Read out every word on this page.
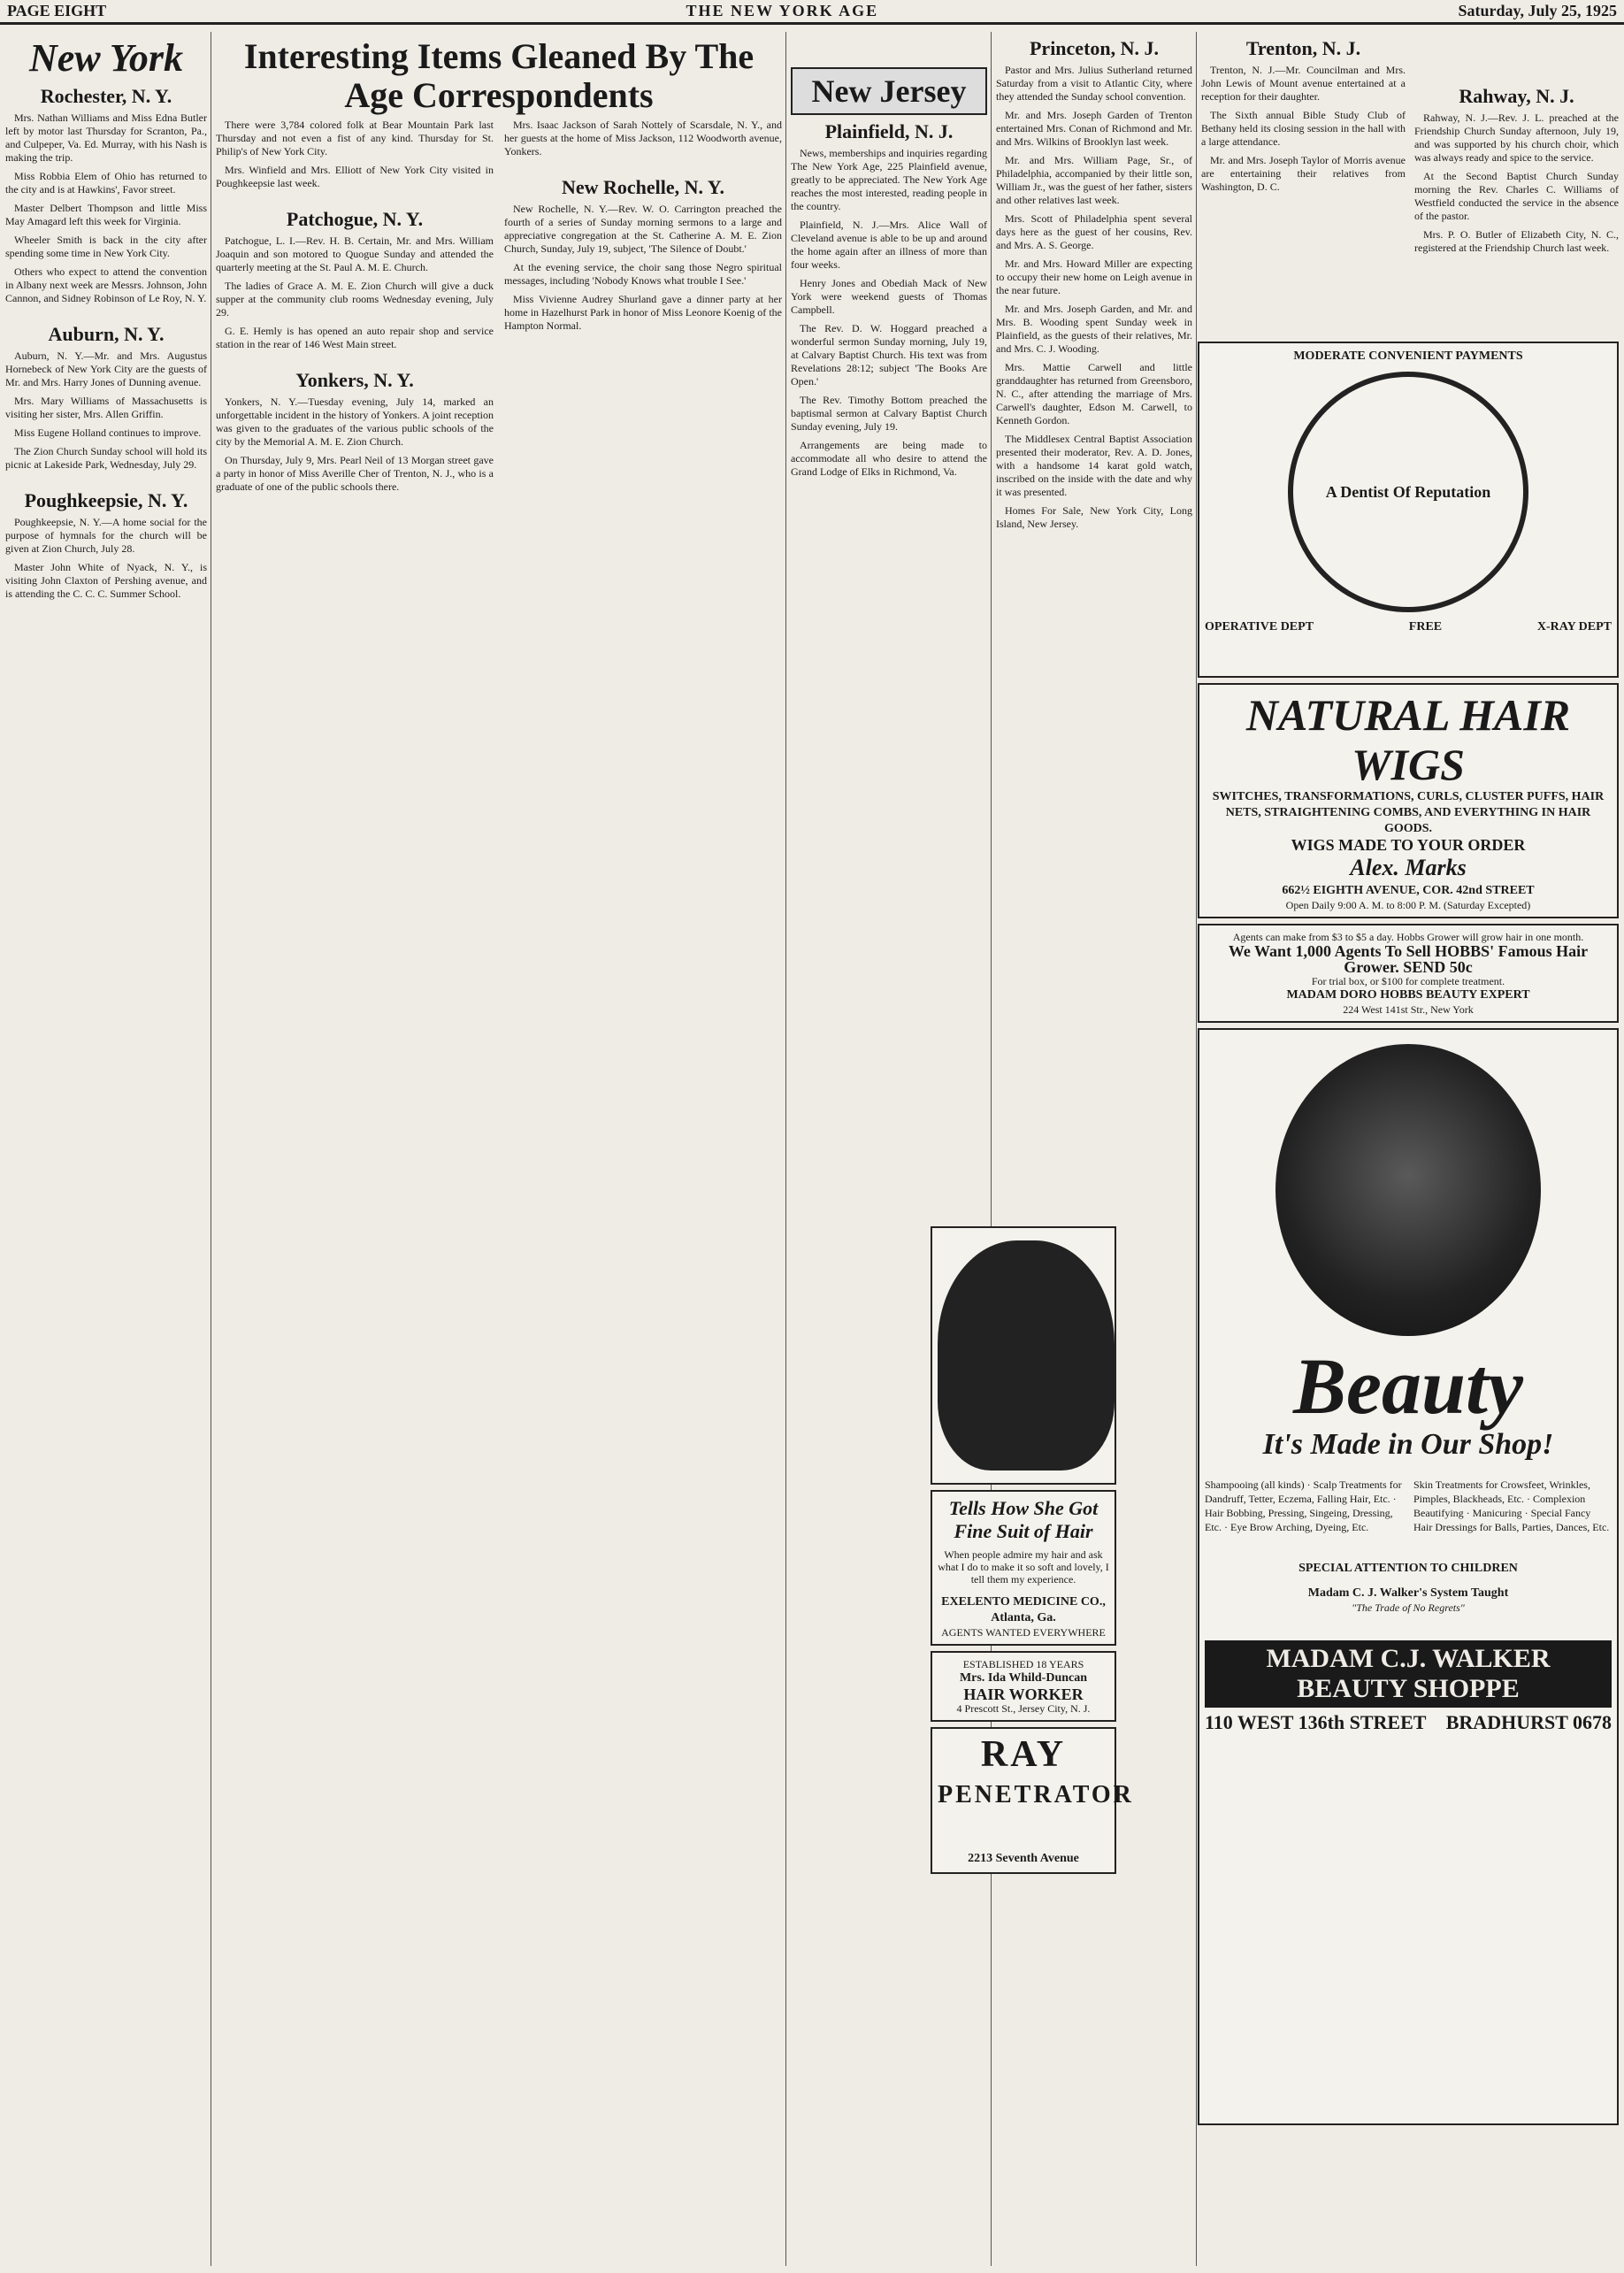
PAGE EIGHT	THE NEW YORK AGE	Saturday, July 25, 1925
New York
Rochester, N. Y.

Mrs. Nathan Williams and Miss Edna Butler left by motor last Thursday for Scranton, Pa., and Culpeper, Va. Ed. Murray, with his Nash is making the trip.

Miss Robbia Elem of Ohio has returned to the city and is at Hawkins', Favor street.

Master Delbert Thompson and little Miss May Amagard left this week for Virginia.

Wheeler Smith is back in the city after spending some time in New York City.

Others who expect to attend the convention in Albany next week are Messrs. Johnson, John Cannon, and Sidney Robinson of Le Roy, N. Y.

Auburn, N. Y.

Auburn, N. Y.—Mr. and Mrs. Augustus Hornebeck of New York City are the guests of Mr. and Mrs. Harry Jones of Dunning avenue.

Mrs. Mary Williams of Massachusetts is visiting her sister, Mrs. Allen Griffin.

Miss Eugene Holland continues to improve.

The Zion Church Sunday school will hold its picnic at Lakeside Park, Wednesday, July 29.

Poughkeepsie, N. Y.

Poughkeepsie, N. Y.—A home social for the purpose of hymnals for the church will be given at Zion Church, July 28.

Master John White of Nyack, N. Y., is visiting John Claxton of Pershing avenue, and is attending the C. C. C. Summer School.

Interesting Items Gleaned By The Age Correspondents

There were 3,784 colored folk at Bear Mountain Park last Thursday and not even a fist of any kind. Thursday for St. Philip's of New York City.

Mrs. Winfield and Mrs. Elliott of New York City visited in Poughkeepsie last week.

Patchogue, N. Y.

Patchogue, L. I.—Rev. H. B. Certain, Mr. and Mrs. William Joaquin and son motored to Quogue Sunday and attended the quarterly meeting at the St. Paul A. M. E. Church.

The ladies of Grace A. M. E. Zion Church will give a duck supper at the community club rooms Wednesday evening, July 29.

G. E. Hemly is has opened an auto repair shop and service station in the rear of 146 West Main street.

Yonkers, N. Y.

Yonkers, N. Y.—Tuesday evening, July 14, marked an unforgettable incident in the history of Yonkers. A joint reception was given to the graduates of the various public schools of the city by the Memorial A. M. E. Zion Church.

On Thursday, July 9, Mrs. Pearl Neil of 13 Morgan street gave a party in honor of Miss Averille Cher of Trenton, N. J., who is a graduate of one of the public schools there.

Mrs. Isaac Jackson of Sarah Nottely of Scarsdale, N. Y., and her guests at the home of Miss Jackson, 112 Woodworth avenue, Yonkers.

New Rochelle, N. Y.

New Rochelle, N. Y.—Rev. W. O. Carrington preached the fourth of a series of Sunday morning sermons to a large and appreciative congregation at the St. Catherine A. M. E. Zion Church, Sunday, July 19, subject, 'The Silence of Doubt.'

At the evening service, the choir sang those Negro spiritual messages, including 'Nobody Knows what trouble I See.'

Miss Vivienne Audrey Shurland gave a dinner party at her home in Hazelhurst Park in honor of Miss Leonore Koenig of the Hampton Normal.

New Jersey
Plainfield, N. J.

News, memberships and inquiries regarding The New York Age, 225 Plainfield avenue, greatly to be appreciated. The New York Age reaches the most interested, reading people in the country.

Plainfield, N. J.—Mrs. Alice Wall of Cleveland avenue is able to be up and around the home again after an illness of more than four weeks.

Henry Jones and Obediah Mack of New York were weekend guests of Thomas Campbell.

The Rev. D. W. Hoggard preached a wonderful sermon Sunday morning, July 19, at Calvary Baptist Church. His text was from Revelations 28:12; subject 'The Books Are Open.'

The Rev. Timothy Bottom preached the baptismal sermon at Calvary Baptist Church Sunday evening, July 19.

Arrangements are being made to accommodate all who desire to attend the Grand Lodge of Elks in Richmond, Va.

Princeton, N. J.

Pastor and Mrs. Julius Sutherland returned Saturday from a visit to Atlantic City, where they attended the Sunday school convention.

Mr. and Mrs. Joseph Garden of Trenton entertained Mrs. Conan of Richmond and Mr. and Mrs. Wilkins of Brooklyn last week.

Mr. and Mrs. William Page, Sr., of Philadelphia, accompanied by their little son, William Jr., was the guest of her father, sisters and other relatives last week.

Mrs. Scott of Philadelphia spent several days here as the guest of her cousins, Rev. and Mrs. A. S. George.

Mr. and Mrs. Howard Miller are expecting to occupy their new home on Leigh avenue in the near future.

Mr. and Mrs. Joseph Garden, and Mr. and Mrs. B. Wooding spent Sunday week in Plainfield, as the guests of their relatives, Mr. and Mrs. C. J. Wooding.

Mrs. Mattie Carwell and little granddaughter has returned from Greensboro, N. C., after attending the marriage of Mrs. Carwell's daughter, Edson M. Carwell, to Kenneth Gordon.

The Middlesex Central Baptist Association presented their moderator, Rev. A. D. Jones, with a handsome 14 karat gold watch, inscribed on the inside with the date and why it was presented.

Homes For Sale, New York City, Long Island, New Jersey.

Tells How She Got Fine Suit of Hair
When people admire my hair and ask what I do to make it so soft and lovely, I tell them my experience.
EXELENTO MEDICINE CO., Atlanta, Ga.
AGENTS WANTED EVERYWHERE
ESTABLISHED 18 YEARS
Mrs. Ida Whild-Duncan
HAIR WORKER
4 Prescott St., Jersey City, N. J.
RAY
PENETRATOR
2213 Seventh Avenue
Trenton, N. J.

Trenton, N. J.—Mr. Councilman and Mrs. John Lewis of Mount avenue entertained at a reception for their daughter.

The Sixth annual Bible Study Club of Bethany held its closing session in the hall with a large attendance.

Mr. and Mrs. Joseph Taylor of Morris avenue are entertaining their relatives from Washington, D. C.

Rahway, N. J.

Rahway, N. J.—Rev. J. L. preached at the Friendship Church Sunday afternoon, July 19, and was supported by his church choir, which was always ready and spice to the service.

At the Second Baptist Church Sunday morning the Rev. Charles C. Williams of Westfield conducted the service in the absence of the pastor.

Mrs. P. O. Butler of Elizabeth City, N. C., registered at the Friendship Church last week.

MODERATE CONVENIENT PAYMENTS
A Dentist Of Reputation
OPERATIVE DEPT	FREE	X-RAY DEPT
NATURAL HAIR WIGS
SWITCHES, TRANSFORMATIONS, CURLS, CLUSTER PUFFS, HAIR NETS, STRAIGHTENING COMBS, AND EVERYTHING IN HAIR GOODS.
WIGS MADE TO YOUR ORDER
Alex. Marks
662½ EIGHTH AVENUE, COR. 42nd STREET
Open Daily 9:00 A. M. to 8:00 P. M. (Saturday Excepted)
Agents can make from $3 to $5 a day. Hobbs Grower will grow hair in one month.
We Want 1,000 Agents To Sell HOBBS' Famous Hair Grower. SEND 50c
For trial box, or $100 for complete treatment.
MADAM DORO HOBBS BEAUTY EXPERT
224 West 141st Str., New York
Beauty
It's Made in Our Shop!
Shampooing (all kinds) · Scalp Treatments for Dandruff, Tetter, Eczema, Falling Hair, Etc. · Hair Bobbing, Pressing, Singeing, Dressing, Etc. · Eye Brow Arching, Dyeing, Etc.
Skin Treatments for Crowsfeet, Wrinkles, Pimples, Blackheads, Etc. · Complexion Beautifying · Manicuring · Special Fancy Hair Dressings for Balls, Parties, Dances, Etc.
SPECIAL ATTENTION TO CHILDREN
Madam C. J. Walker's System Taught
"The Trade of No Regrets"
MADAM C.J. WALKER BEAUTY SHOPPE
110 WEST 136th STREET BRADHURST 0678
